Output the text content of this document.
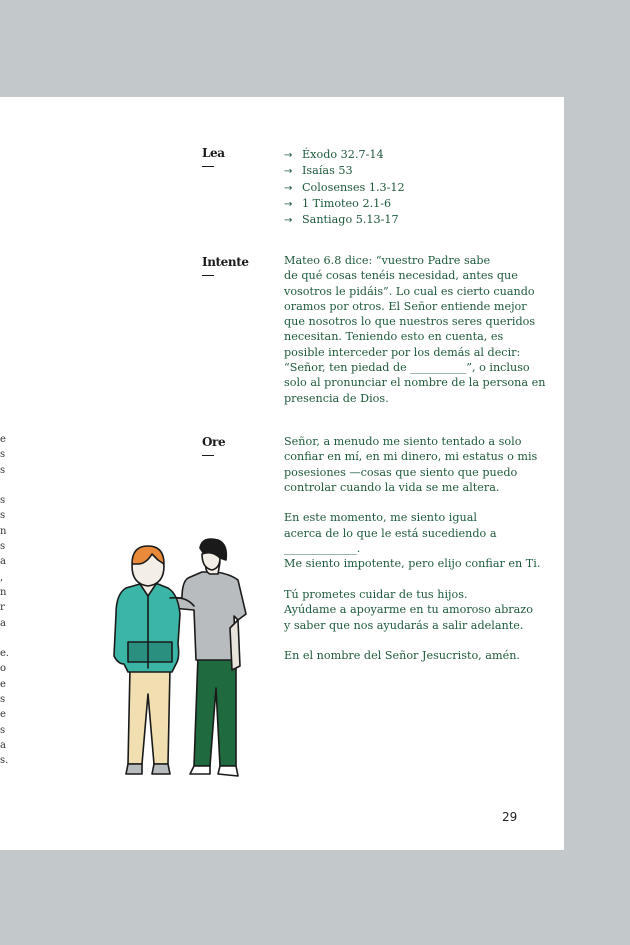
e
s
s
s
s
n
s
a
,
n
r
a
e.
o
e
s
e
s
a
s.
Lea	→ Éxodo 32.7-14
→ Isaías 53
→ Colosenses 1.3-12
→ 1 Timoteo 2.1-6
→ Santiago 5.13-17
Intente	Mateo 6.8 dice: “vuestro Padre sabe

de qué cosas tenéis necesidad, antes que

vosotros le pidáis”. Lo cual es cierto cuando

oramos por otros. El Señor entiende mejor

que nosotros lo que nuestros seres queridos

necesitan. Teniendo esto en cuenta, es

posible interceder por los demás al decir:

“Señor, ten piedad de __________”, o incluso

solo al pronunciar el nombre de la persona en

presencia de Dios.

Ore	Señor, a menudo me siento tentado a solo

confiar en mí, en mi dinero, mi estatus o mis

posesiones —cosas que siento que puedo

controlar cuando la vida se me altera.

En este momento, me siento igual

acerca de lo que le está sucediendo a

_____________.

Me siento impotente, pero elijo confiar en Ti.

Tú prometes cuidar de tus hijos.

Ayúdame a apoyarme en tu amoroso abrazo

y saber que nos ayudarás a salir adelante.

En el nombre del Señor Jesucristo, amén.

29
